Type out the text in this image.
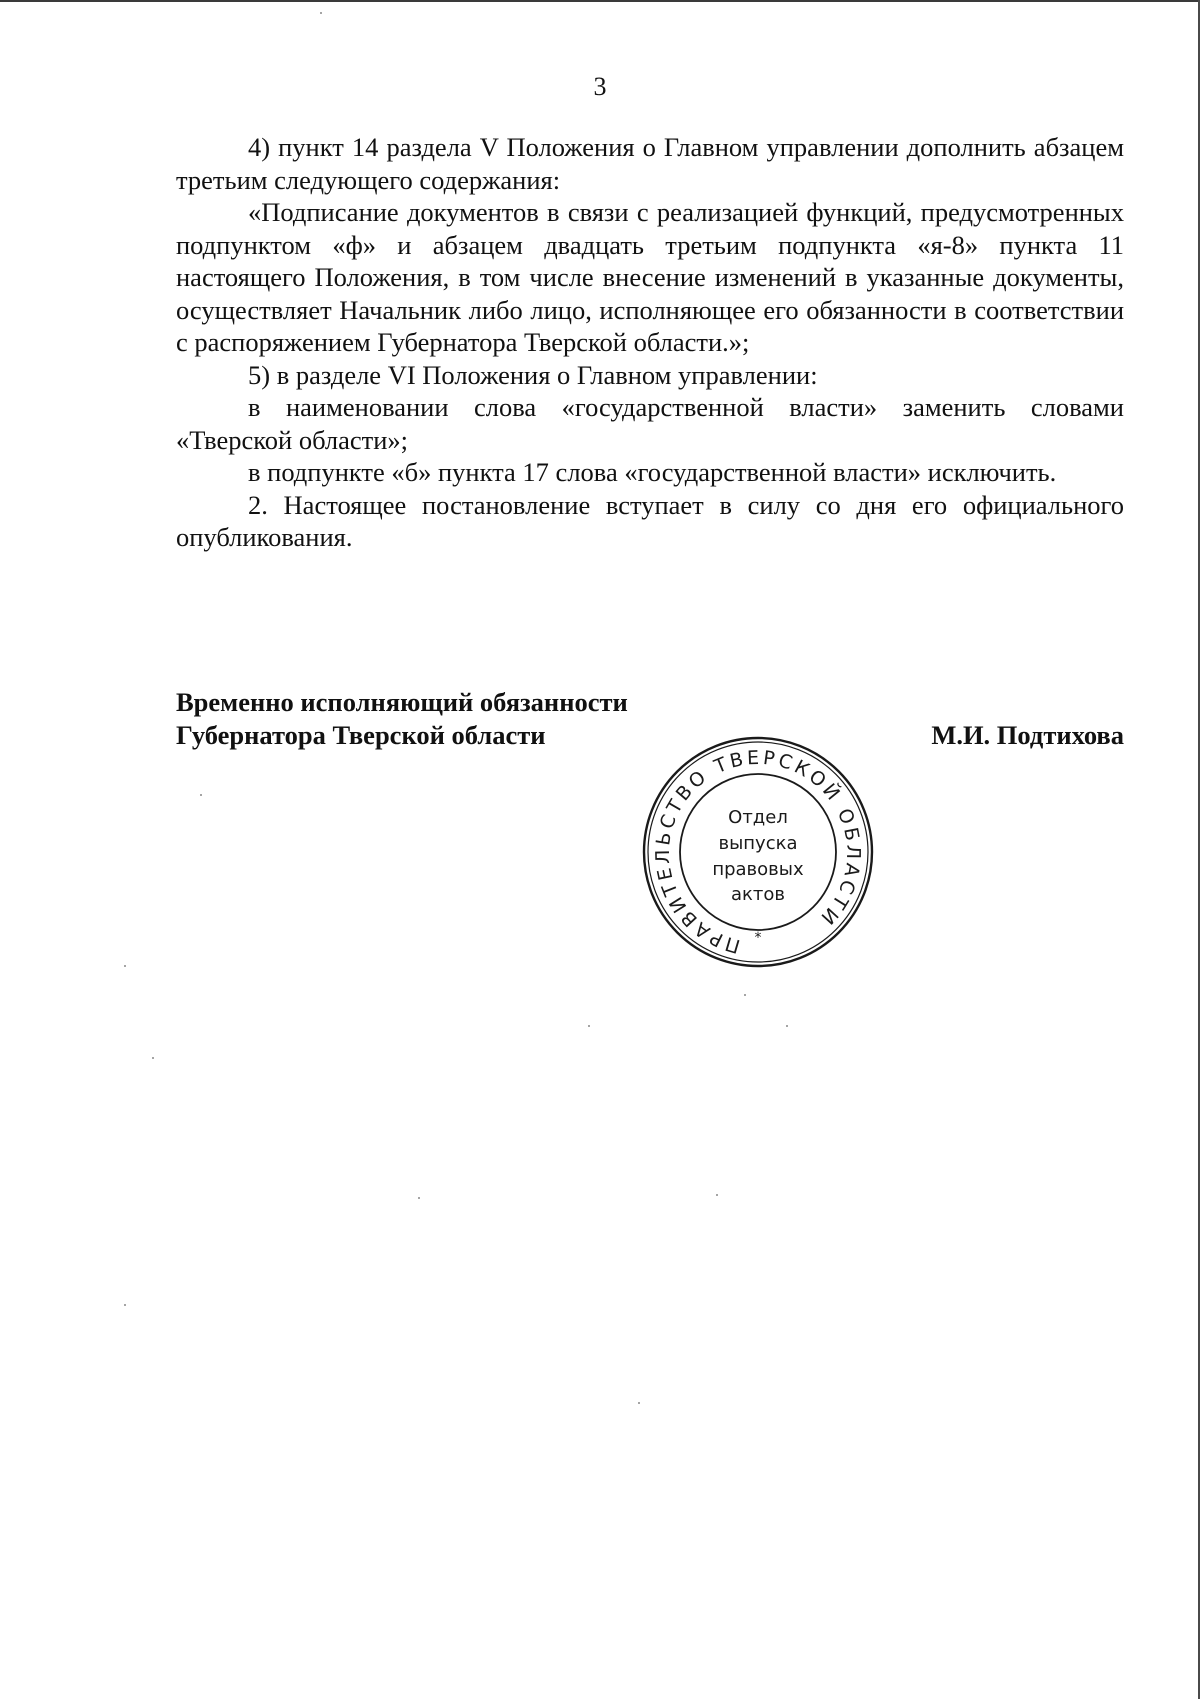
3

4) пункт 14 раздела V Положения о Главном управлении дополнить абзацем третьим следующего содержания:

«Подписание документов в связи с реализацией функций, предусмотренных подпунктом «ф» и абзацем двадцать третьим подпункта «я-8» пункта 11 настоящего Положения, в том числе внесение изменений в указанные документы, осуществляет Начальник либо лицо, исполняющее его обязанности в соответствии с распоряжением Губернатора Тверской области.»;

5) в разделе VI Положения о Главном управлении:

в наименовании слова «государственной власти» заменить словами «Тверской области»;

в подпункте «б» пункта 17 слова «государственной власти» исключить.

2. Настоящее постановление вступает в силу со дня его официального опубликования.

Временно исполняющий обязанности
Губернатора Тверской области	М.И. Подтихова
ПРАВИТЕЛЬСТВО ТВЕРСКОЙ ОБЛАСТИ
*
Отдел
выпуска
правовых
актов
